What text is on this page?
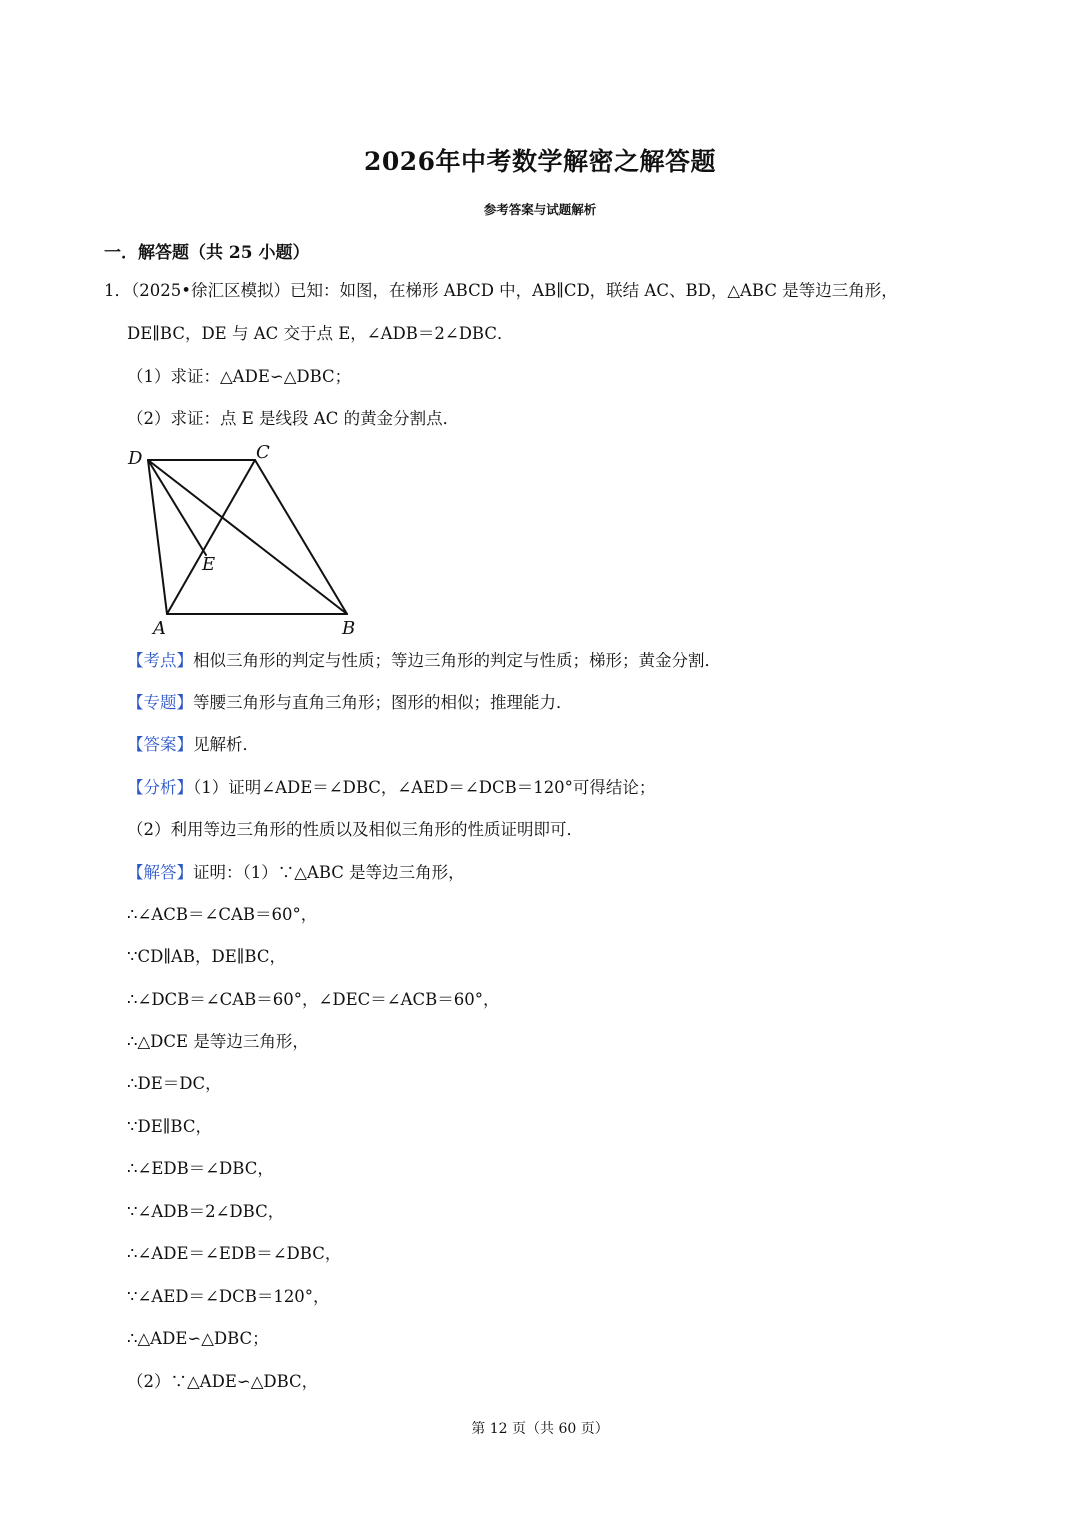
2026年中考数学解密之解答题
参考答案与试题解析
一．解答题（共 25 小题）
1．（2025•徐汇区模拟）已知：如图，在梯形 ABCD 中，AB∥CD，联结 AC、BD，△ABC 是等边三角形，
DE∥BC，DE 与 AC 交于点 E，∠ADB＝2∠DBC．
（1）求证：△ADE∽△DBC；
（2）求证：点 E 是线段 AC 的黄金分割点．
D	C
E
A	B
【考点】相似三角形的判定与性质；等边三角形的判定与性质；梯形；黄金分割．
【专题】等腰三角形与直角三角形；图形的相似；推理能力．
【答案】见解析．
【分析】（1）证明∠ADE＝∠DBC，∠AED＝∠DCB＝120°可得结论；
（2）利用等边三角形的性质以及相似三角形的性质证明即可．
【解答】证明：（1）∵△ABC 是等边三角形，
∴∠ACB＝∠CAB＝60°，
∵CD∥AB，DE∥BC，
∴∠DCB＝∠CAB＝60°，∠DEC＝∠ACB＝60°，
∴△DCE 是等边三角形，
∴DE＝DC，
∵DE∥BC，
∴∠EDB＝∠DBC，
∵∠ADB＝2∠DBC，
∴∠ADE＝∠EDB＝∠DBC，
∵∠AED＝∠DCB＝120°，
∴△ADE∽△DBC；
（2）∵△ADE∽△DBC，
第 12 页（共 60 页）
